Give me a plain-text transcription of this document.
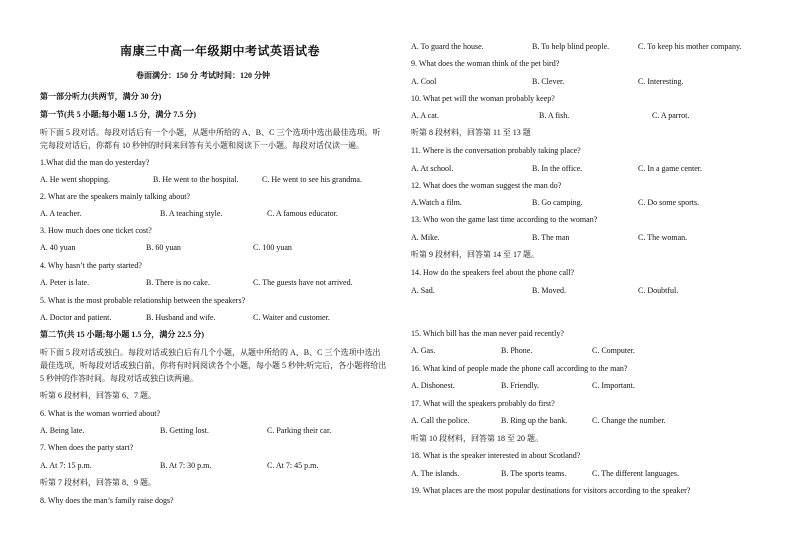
南康三中高一年级期中考试英语试卷
卷面满分：150 分 考试时间：120 分钟
第一部分听力(共两节，满分 30 分)
第一节(共 5 小题;每小题 1.5 分，满分 7.5 分)
听下面 5 段对话。每段对话后有一个小题，从题中所给的 A、B、C 三个选项中选出最佳选项。听
完每段对话后，你都有 10 秒钟的时间来回答有关小题和阅读下一小题。每段对话仅读一遍。
1.What did the man do yesterday?
A. He went shopping.	B. He went to the hospital.	C. He went to see his grandma.
2. What are the speakers mainly talking about?
A. A teacher.	B. A teaching style.	C. A famous educator.
3. How much does one ticket cost?
A. 40 yuan	B. 60 yuan	C. 100 yuan
4. Why hasn’t the party started?
A. Peter is late.	B. There is no cake.	C. The guests have not arrived.
5. What is the most probable relationship between the speakers?
A. Doctor and patient.	B. Husband and wife.	C. Waiter and customer.
第二节(共 15 小题;每小题 1.5 分，满分 22.5 分)
听下面 5 段对话或独白。每段对话或独白后有几个小题，从题中所给的 A、B、C 三个选项中选出
最佳选项，听每段对话或独白前，你将有时间阅读各个小题，每小题 5 秒钟;听完后，各小题将给出
5 秒钟的作答时间。每段对话或独白读两遍。
听第 6 段材料，回答第 6、7 题。
6. What is the woman worried about?
A. Being late.	B. Getting lost.	C. Parking their car.
7. When does the party start?
A. At 7: 15 p.m.	B. At 7: 30 p.m.	C. At 7: 45 p.m.
听第 7 段材料，回答第 8、9 题。
8. Why does the man’s family raise dogs?
A. To guard the house.	B. To help blind people.	C. To keep his mother company.
9. What does the woman think of the pet bird?
A. Cool	B. Clever.	C. Interesting.
10. What pet will the woman probably keep?
A. A cat.	B. A fish.	C. A parrot.
听第 8 段材料，回答第 11 至 13 题
11. Where is the conversation probably taking place?
A. At school.	B. In the office.	C. In a game center.
12. What does the woman suggest the man do?
A.Watch a film.	B. Go camping.	C. Do some sports.
13. Who won the game last time according to the woman?
A. Mike.	B. The man	C. The woman.
听第 9 段材料，回答第 14 至 17 题。
14. How do the speakers feel about the phone call?
A. Sad.	B. Moved.	C. Doubtful.
15. Which bill has the man never paid recently?
A. Gas.	B. Phone.	C. Computer.
16. What kind of people made the phone call according to the man?
A. Dishonest.	B. Friendly.	C. Important.
17. What will the speakers probably do first?
A. Call the police.	B. Ring up the bank.	C. Change the number.
听第 10 段材料，回答第 18 至 20 题。
18. What is the speaker interested in about Scotland?
A. The islands.	B. The sports teams.	C. The different languages.
19. What places are the most popular destinations for visitors according to the speaker?
